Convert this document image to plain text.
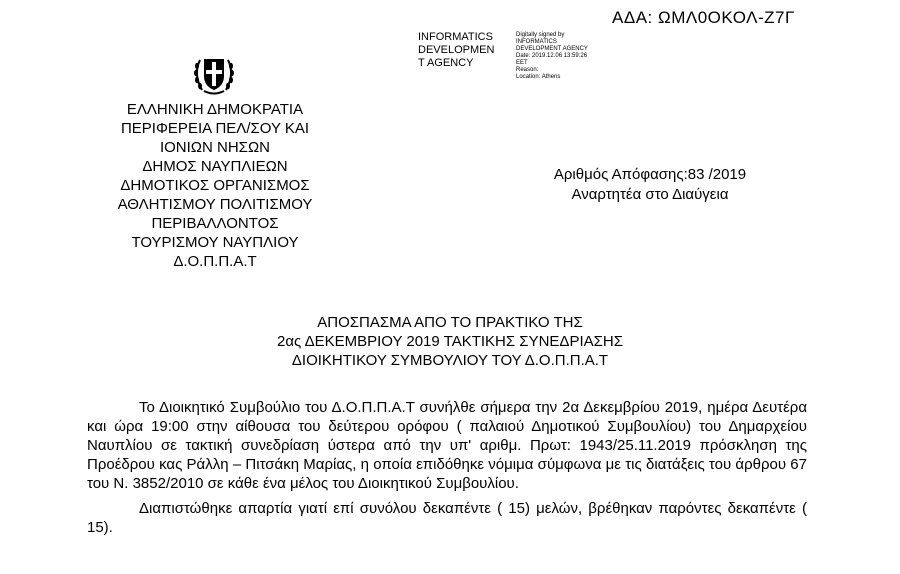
ΑΔΑ: ΩΜΛ0ΟΚΟΛ-Ζ7Γ
INFORMATICS
DEVELOPMEN
T AGENCY
Digitally signed by
INFORMATICS
DEVELOPMENT AGENCY
Date: 2019.12.06 13:59:26
EET
Reason:
Location: Athens
ΕΛΛΗΝΙΚΗ ΔΗΜΟΚΡΑΤΙΑ
ΠΕΡΙΦΕΡΕΙΑ ΠΕΛ/ΣΟΥ ΚΑΙ
ΙΟΝΙΩΝ ΝΗΣΩΝ
ΔΗΜΟΣ ΝΑΥΠΛΙΕΩΝ
ΔΗΜΟΤΙΚΟΣ ΟΡΓΑΝΙΣΜΟΣ
ΑΘΛΗΤΙΣΜΟΥ ΠΟΛΙΤΙΣΜΟΥ
ΠΕΡΙΒΑΛΛΟΝΤΟΣ
ΤΟΥΡΙΣΜΟΥ ΝΑΥΠΛΙΟΥ
Δ.Ο.Π.Π.Α.Τ
Αριθμός Απόφασης:83 /2019
Αναρτητέα στο Διαύγεια
ΑΠΟΣΠΑΣΜΑ ΑΠΟ ΤΟ ΠΡΑΚΤΙΚΟ ΤΗΣ
2ας ΔΕΚΕΜΒΡΙΟΥ 2019 ΤΑΚΤΙΚΗΣ ΣΥΝΕΔΡΙΑΣΗΣ
ΔΙΟΙΚΗΤΙΚΟΥ ΣΥΜΒΟΥΛΙΟΥ ΤΟΥ Δ.Ο.Π.Π.Α.Τ

Το Διοικητικό Συμβούλιο του Δ.Ο.Π.Π.Α.Τ συνήλθε σήμερα την 2α Δεκεμβρίου 2019, ημέρα Δευτέρα και ώρα 19:00 στην αίθουσα του δεύτερου ορόφου ( παλαιού Δημοτικού Συμβουλίου) του Δημαρχείου Ναυπλίου σε τακτική συνεδρίαση ύστερα από την υπ' αριθμ. Πρωτ: 1943/25.11.2019 πρόσκληση της Προέδρου κας Ράλλη – Πιτσάκη Μαρίας, η οποία επιδόθηκε νόμιμα σύμφωνα με τις διατάξεις του άρθρου 67 του Ν. 3852/2010 σε κάθε ένα μέλος του Διοικητικού Συμβουλίου.

Διαπιστώθηκε απαρτία γιατί επί συνόλου δεκαπέντε ( 15) μελών, βρέθηκαν παρόντες δεκαπέντε ( 15).
